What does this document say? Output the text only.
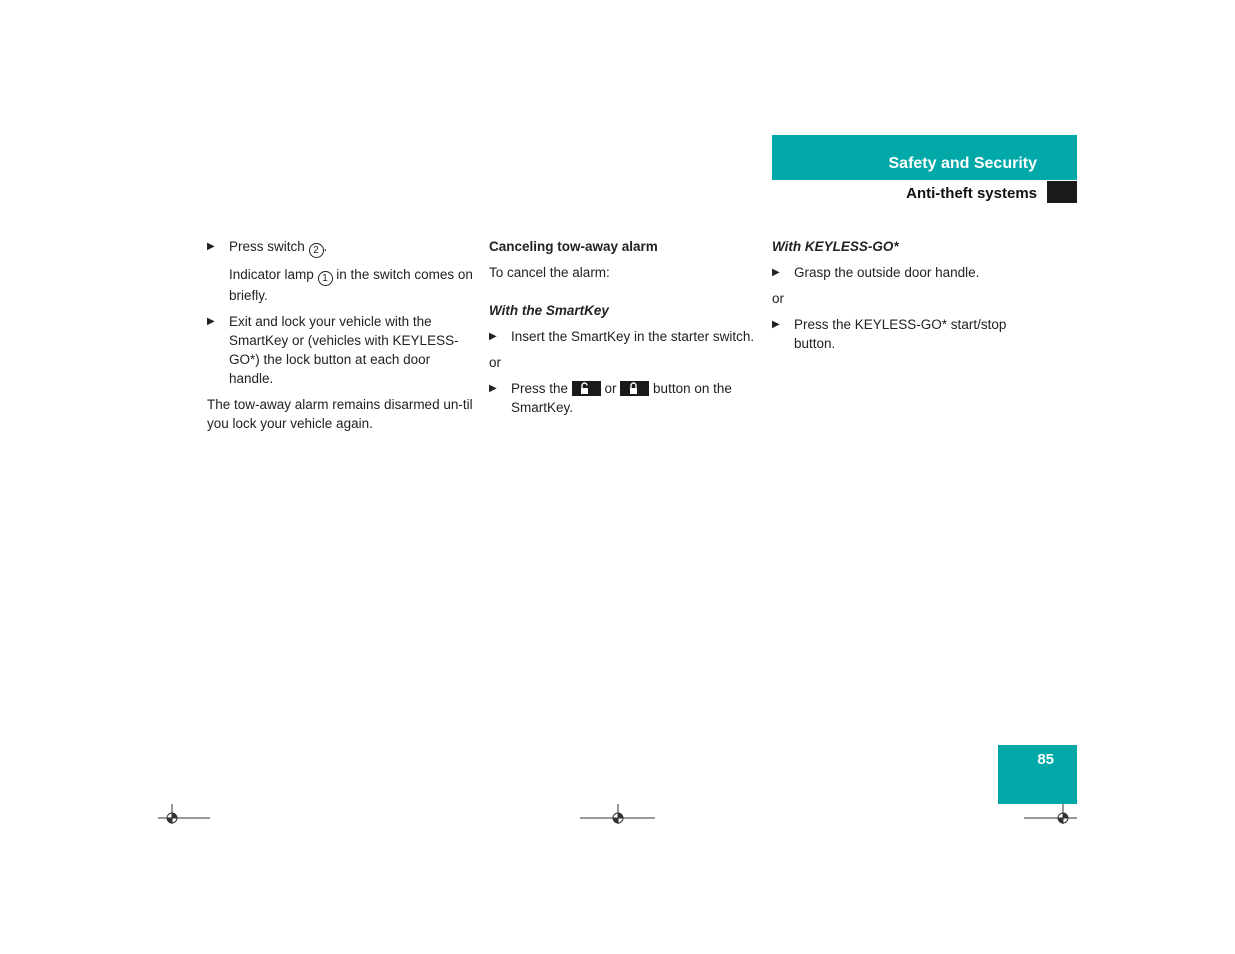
Safety and Security
Anti-theft systems
▶ Press switch 2 .
Indicator lamp 1 in the switch comes on briefly.
▶ Exit and lock your vehicle with the SmartKey or (vehicles with KEYLESS-GO*) the lock button at each door handle.
The tow-away alarm remains disarmed un-til you lock your vehicle again.
Canceling tow-away alarm
To cancel the alarm:
With the SmartKey
▶ Insert the SmartKey in the starter switch.
or
▶ Press the
or
button on the SmartKey.
With KEYLESS-GO*
▶ Grasp the outside door handle.
or
▶ Press the KEYLESS-GO* start/stop button.
85
